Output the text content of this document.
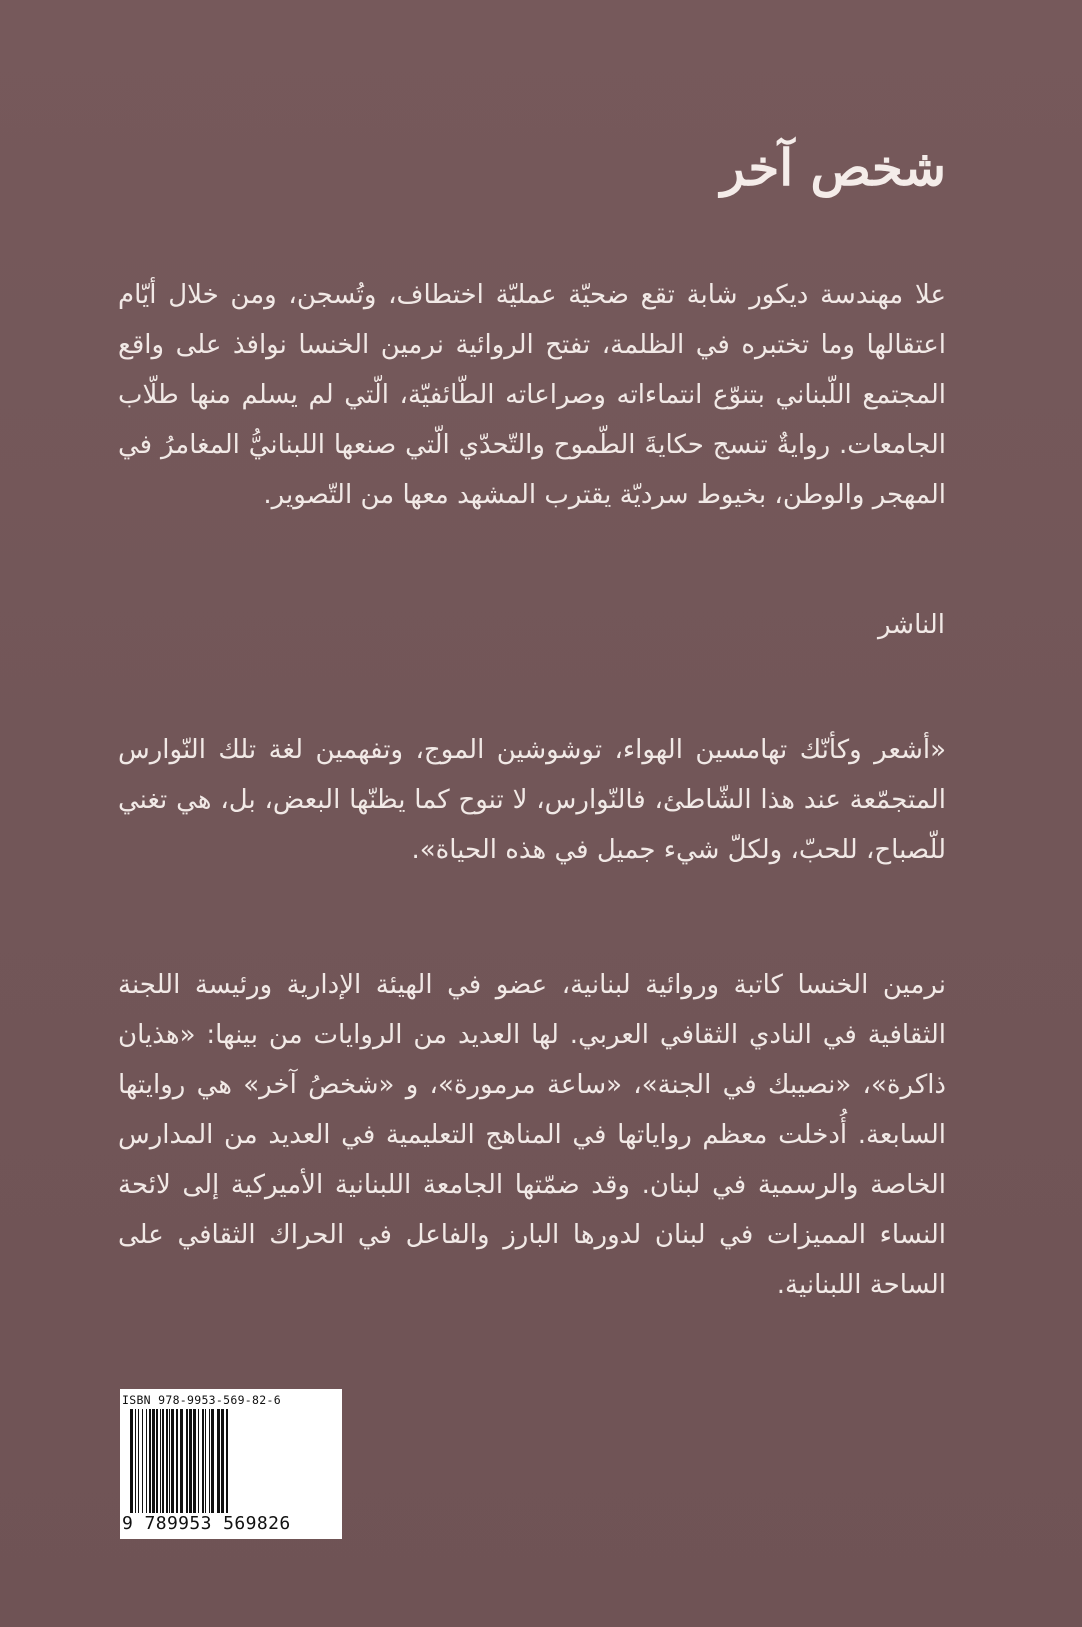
شخص آخر

علا مهندسة ديكور شابة تقع ضحيّة عمليّة اختطاف، وتُسجن، ومن خلال أيّام اعتقالها وما تختبره في الظلمة، تفتح الروائية نرمين الخنسا نوافذ على واقع المجتمع اللّبناني بتنوّع انتماءاته وصراعاته الطّائفيّة، الّتي لم يسلم منها طلّاب الجامعات. روايةٌ تنسج حكايةَ الطّموح والتّحدّي الّتي صنعها اللبنانيُّ المغامرُ في المهجر والوطن، بخيوط سرديّة يقترب المشهد معها من التّصوير.

الناشر

«أشعر وكأنّك تهامسين الهواء، توشوشين الموج، وتفهمين لغة تلك النّوارس المتجمّعة عند هذا الشّاطئ، فالنّوارس، لا تنوح كما يظنّها البعض، بل، هي تغني للّصباح، للحبّ، ولكلّ شيء جميل في هذه الحياة».

نرمين الخنسا كاتبة وروائية لبنانية، عضو في الهيئة الإدارية ورئيسة اللجنة الثقافية في النادي الثقافي العربي. لها العديد من الروايات من بينها: «هذيان ذاكرة»، «نصيبك في الجنة»، «ساعة مرمورة»، و «شخصُ آخر» هي روايتها السابعة. أُدخلت معظم رواياتها في المناهج التعليمية في العديد من المدارس الخاصة والرسمية في لبنان. وقد ضمّتها الجامعة اللبنانية الأميركية إلى لائحة النساء المميزات في لبنان لدورها البارز والفاعل في الحراك الثقافي على الساحة اللبنانية.

ISBN 978-9953-569-82-6
9 789953 569826
